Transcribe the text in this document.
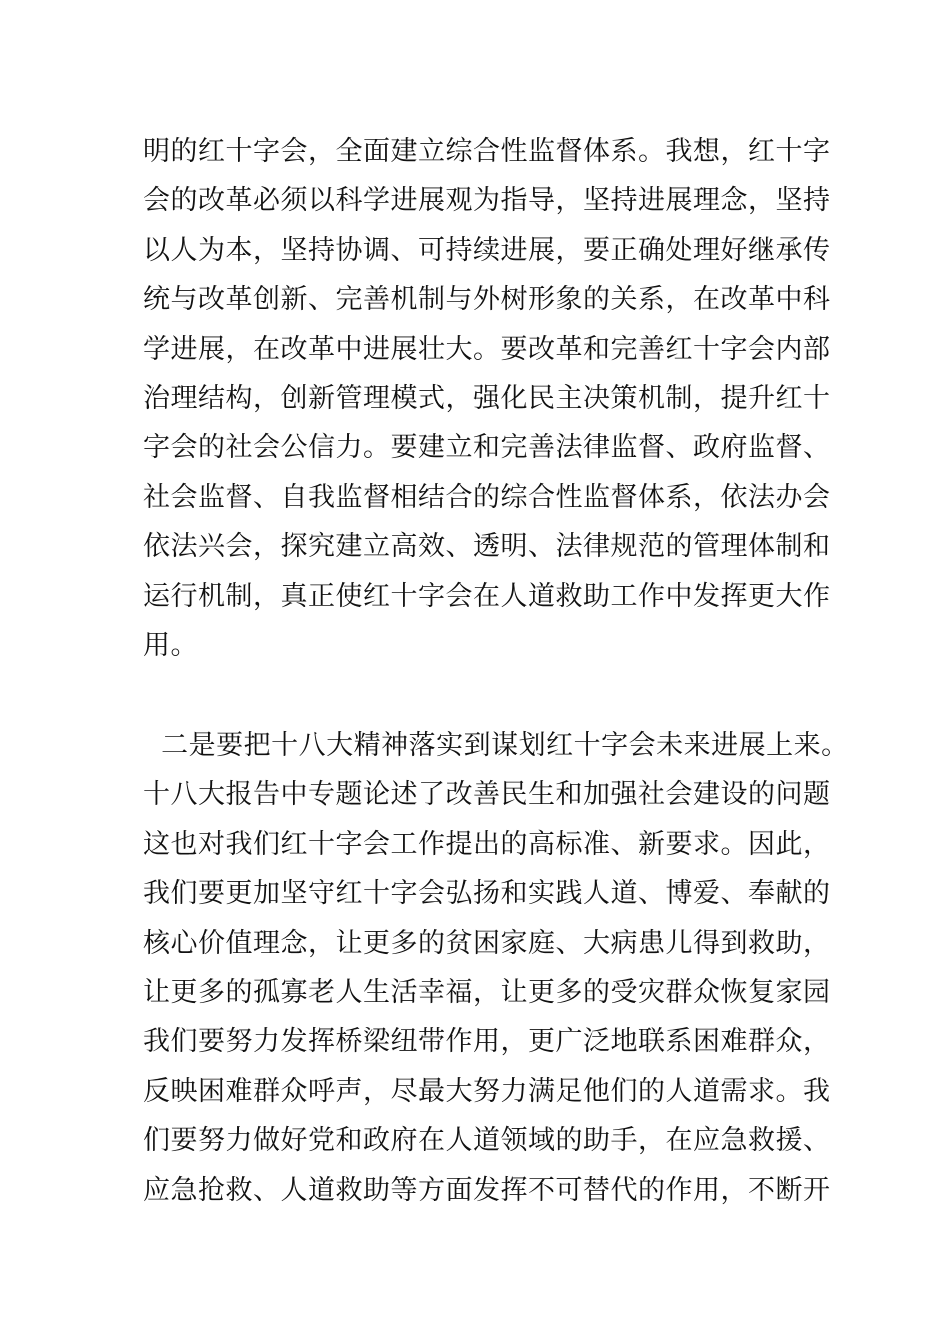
明的红十字会，全面建立综合性监督体系。我想，红十字
会的改革必须以科学进展观为指导，坚持进展理念，坚持
以人为本，坚持协调、可持续进展，要正确处理好继承传
统与改革创新、完善机制与外树形象的关系，在改革中科
学进展，在改革中进展壮大。要改革和完善红十字会内部
治理结构，创新管理模式，强化民主决策机制，提升红十
字会的社会公信力。要建立和完善法律监督、政府监督、
社会监督、自我监督相结合的综合性监督体系，依法办会
依法兴会，探究建立高效、透明、法律规范的管理体制和
运行机制，真正使红十字会在人道救助工作中发挥更大作
用。
二是要把十八大精神落实到谋划红十字会未来进展上来。
十八大报告中专题论述了改善民生和加强社会建设的问题
这也对我们红十字会工作提出的高标准、新要求。因此，
我们要更加坚守红十字会弘扬和实践人道、博爱、奉献的
核心价值理念，让更多的贫困家庭、大病患儿得到救助，
让更多的孤寡老人生活幸福，让更多的受灾群众恢复家园
我们要努力发挥桥梁纽带作用，更广泛地联系困难群众，
反映困难群众呼声，尽最大努力满足他们的人道需求。我
们要努力做好党和政府在人道领域的助手，在应急救援、
应急抢救、人道救助等方面发挥不可替代的作用，不断开
